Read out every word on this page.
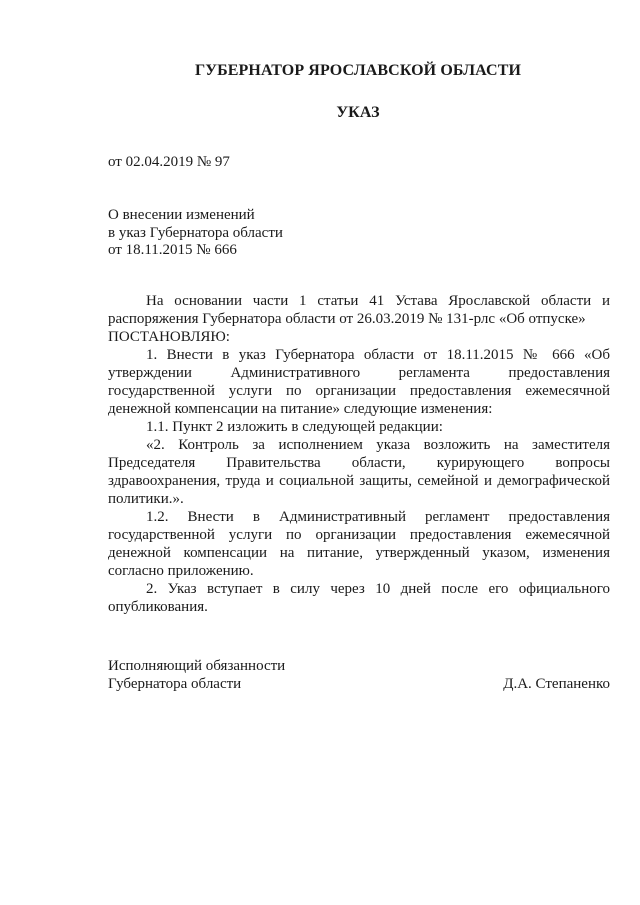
ГУБЕРНАТОР ЯРОСЛАВСКОЙ ОБЛАСТИ
УКАЗ
от 02.04.2019 № 97
О внесении изменений
в указ Губернатора области
от 18.11.2015 № 666

На основании части 1 статьи 41 Устава Ярославской области и распоряжения Губернатора области от 26.03.2019 № 131-рлс «Об отпуске»

ПОСТАНОВЛЯЮ:

1. Внести в указ Губернатора области от 18.11.2015 № 666 «Об утверждении Административного регламента предоставления государственной услуги по организации предоставления ежемесячной денежной компенсации на питание» следующие изменения:

1.1. Пункт 2 изложить в следующей редакции:

«2. Контроль за исполнением указа возложить на заместителя Председателя Правительства области, курирующего вопросы здравоохранения, труда и социальной защиты, семейной и демографической политики.».

1.2. Внести в Административный регламент предоставления государственной услуги по организации предоставления ежемесячной денежной компенсации на питание, утвержденный указом, изменения согласно приложению.

2. Указ вступает в силу через 10 дней после его официального опубликования.

Исполняющий обязанности
Губернатора области	Д.А. Степаненко
